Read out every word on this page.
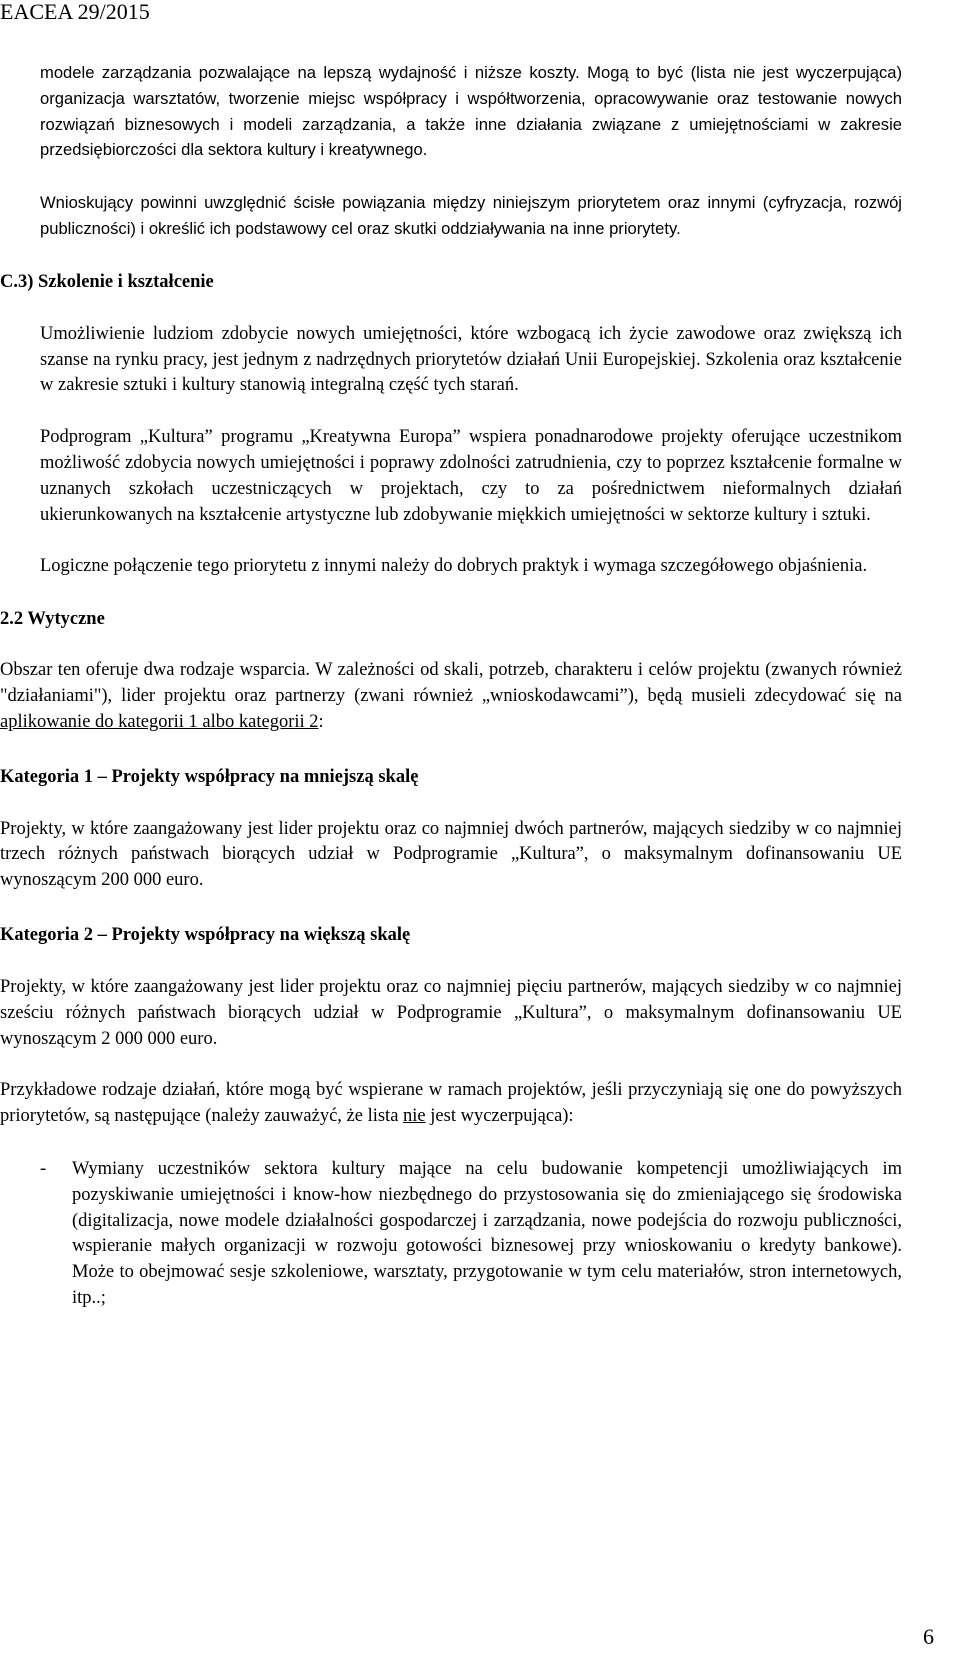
EACEA 29/2015

modele zarządzania pozwalające na lepszą wydajność i niższe koszty. Mogą to być (lista nie jest wyczerpująca) organizacja warsztatów, tworzenie miejsc współpracy i współtworzenia, opracowywanie oraz testowanie nowych rozwiązań biznesowych i modeli zarządzania, a także inne działania związane z umiejętnościami w zakresie przedsiębiorczości dla sektora kultury i kreatywnego.

Wnioskujący powinni uwzględnić ścisłe powiązania między niniejszym priorytetem oraz innymi (cyfryzacja, rozwój publiczności) i określić ich podstawowy cel oraz skutki oddziaływania na inne priorytety.

C.3) Szkolenie i kształcenie

Umożliwienie ludziom zdobycie nowych umiejętności, które wzbogacą ich życie zawodowe oraz zwiększą ich szanse na rynku pracy, jest jednym z nadrzędnych priorytetów działań Unii Europejskiej. Szkolenia oraz kształcenie w zakresie sztuki i kultury stanowią integralną część tych starań.

Podprogram „Kultura” programu „Kreatywna Europa” wspiera ponadnarodowe projekty oferujące uczestnikom możliwość zdobycia nowych umiejętności i poprawy zdolności zatrudnienia, czy to poprzez kształcenie formalne w uznanych szkołach uczestniczących w projektach, czy to za pośrednictwem nieformalnych działań ukierunkowanych na kształcenie artystyczne lub zdobywanie miękkich umiejętności w sektorze kultury i sztuki.

Logiczne połączenie tego priorytetu z innymi należy do dobrych praktyk i wymaga szczegółowego objaśnienia.

2.2 Wytyczne

Obszar ten oferuje dwa rodzaje wsparcia. W zależności od skali, potrzeb, charakteru i celów projektu (zwanych również "działaniami"), lider projektu oraz partnerzy (zwani również „wnioskodawcami”), będą musieli zdecydować się na aplikowanie do kategorii 1 albo kategorii 2:

Kategoria 1 – Projekty współpracy na mniejszą skalę

Projekty, w które zaangażowany jest lider projektu oraz co najmniej dwóch partnerów, mających siedziby w co najmniej trzech różnych państwach biorących udział w Podprogramie „Kultura”, o maksymalnym dofinansowaniu UE wynoszącym 200 000 euro.

Kategoria 2 – Projekty współpracy na większą skalę

Projekty, w które zaangażowany jest lider projektu oraz co najmniej pięciu partnerów, mających siedziby w co najmniej sześciu różnych państwach biorących udział w Podprogramie „Kultura”, o maksymalnym dofinansowaniu UE wynoszącym 2 000 000 euro.

Przykładowe rodzaje działań, które mogą być wspierane w ramach projektów, jeśli przyczyniają się one do powyższych priorytetów, są następujące (należy zauważyć, że lista nie jest wyczerpująca):

-	Wymiany uczestników sektora kultury mające na celu budowanie kompetencji umożliwiających im pozyskiwanie umiejętności i know-how niezbędnego do przystosowania się do zmieniającego się środowiska (digitalizacja, nowe modele działalności gospodarczej i zarządzania, nowe podejścia do rozwoju publiczności, wspieranie małych organizacji w rozwoju gotowości biznesowej przy wnioskowaniu o kredyty bankowe). Może to obejmować sesje szkoleniowe, warsztaty, przygotowanie w tym celu materiałów, stron internetowych, itp..;
6
